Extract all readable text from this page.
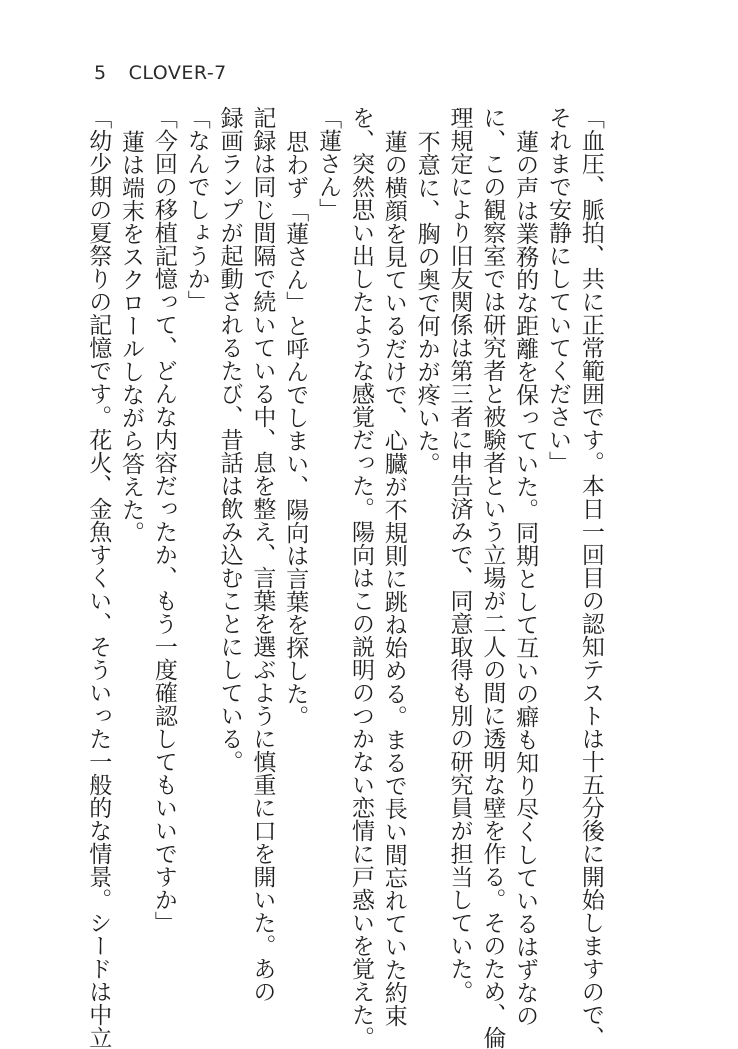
5 CLOVER-7
「血圧、脈拍、共に正常範囲です。本日一回目の認知テストは十五分後に開始しますので、
それまで安静にしていてください」
蓮の声は業務的な距離を保っていた。同期として互いの癖も知り尽くしているはずなの
に、この観察室では研究者と被験者という立場が二人の間に透明な壁を作る。そのため、倫
理規定により旧友関係は第三者に申告済みで、同意取得も別の研究員が担当していた。
不意に、胸の奥で何かが疼いた。
蓮の横顔を見ているだけで、心臓が不規則に跳ね始める。まるで長い間忘れていた約束
を、突然思い出したような感覚だった。陽向はこの説明のつかない恋情に戸惑いを覚えた。
「蓮さん」
思わず「蓮さん」と呼んでしまい、陽向は言葉を探した。
記録は同じ間隔で続いている中、息を整え、言葉を選ぶように慎重に口を開いた。あの
録画ランプが起動されるたび、昔話は飲み込むことにしている。
「なんでしょうか」
「今回の移植記憶って、どんな内容だったか、もう一度確認してもいいですか」
蓮は端末をスクロールしながら答えた。
「幼少期の夏祭りの記憶です。花火、金魚すくい、そういった一般的な情景。シードは中立
